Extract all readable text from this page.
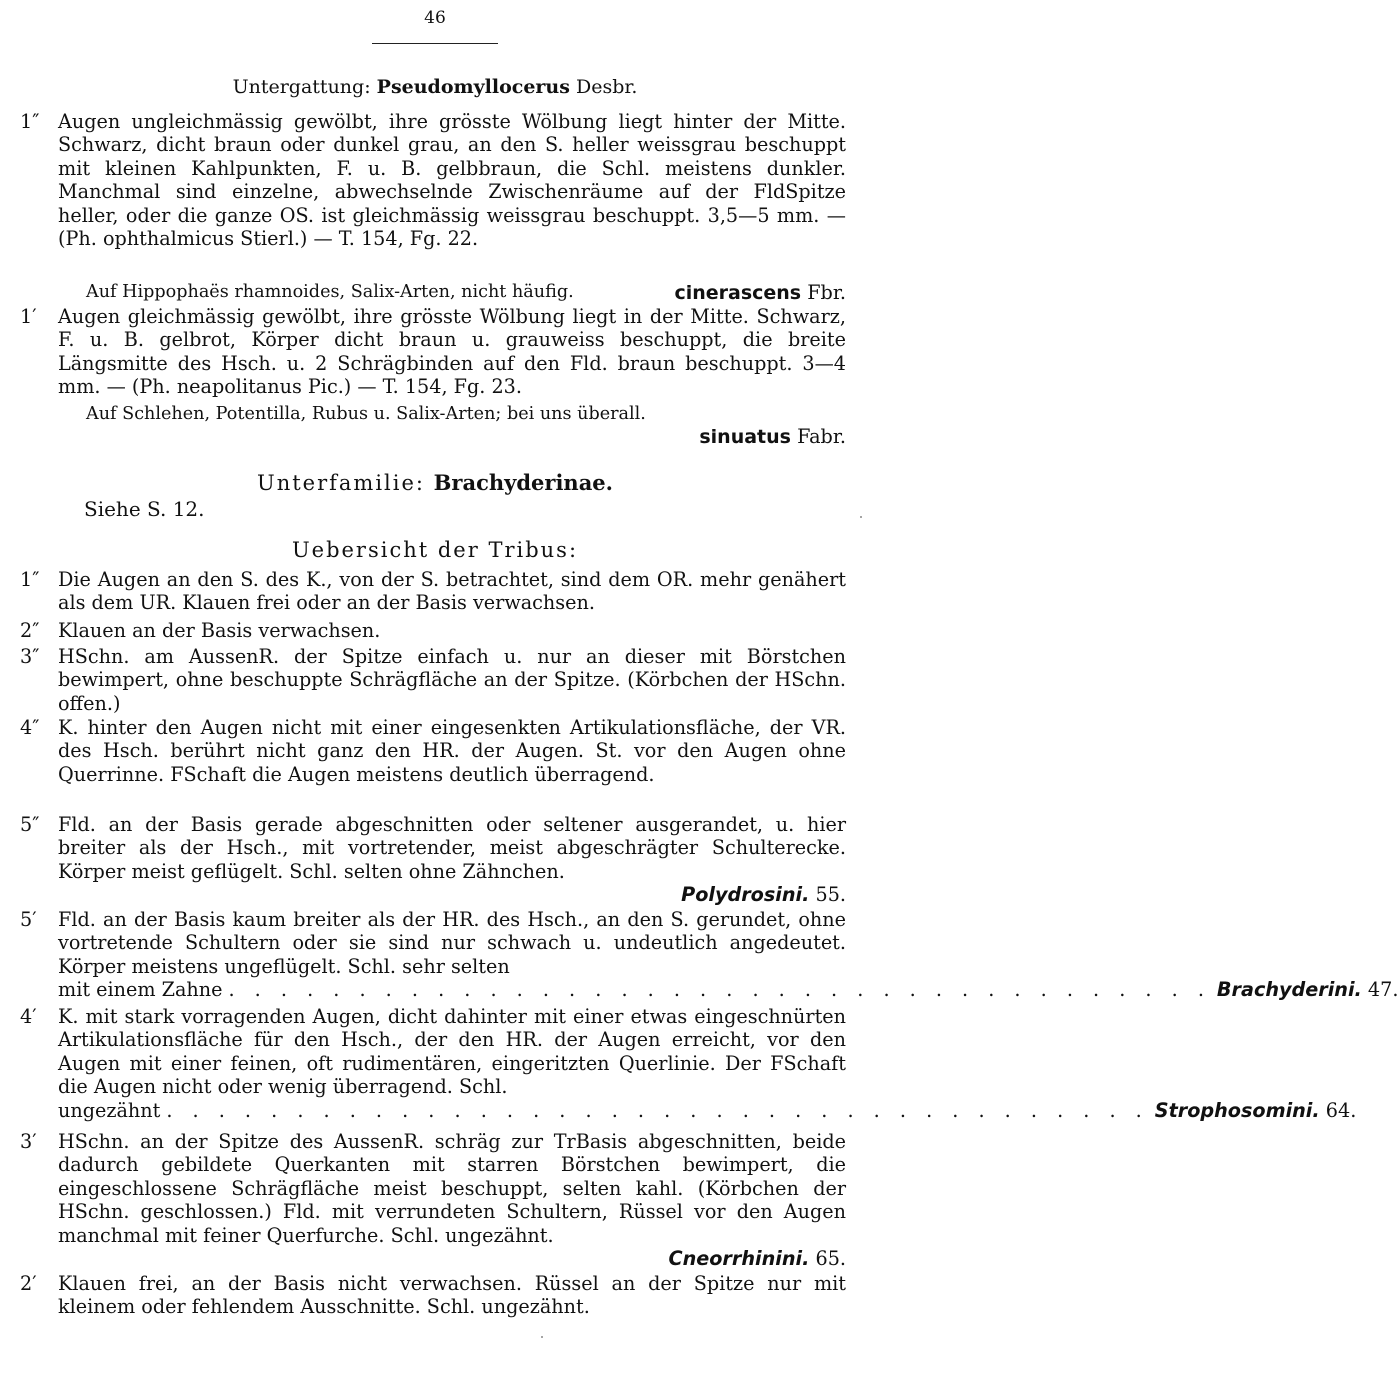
46
Untergattung: Pseudomyllocerus Desbr.
1″ Augen ungleichmässig gewölbt, ihre grösste Wölbung liegt hinter der Mitte. Schwarz, dicht braun oder dunkel grau, an den S. heller weissgrau beschuppt mit kleinen Kahlpunkten, F. u. B. gelbbraun, die Schl. meistens dunkler. Manchmal sind einzelne, abwechselnde Zwischenräume auf der FldSpitze heller, oder die ganze OS. ist gleichmässig weissgrau beschuppt. 3,5—5 mm. — (Ph. ophthalmicus Stierl.) — T. 154, Fg. 22.
Auf Hippophaës rhamnoides, Salix-Arten, nicht häufig.	cinerascens Fbr.
1′	Augen gleichmässig gewölbt, ihre grösste Wölbung liegt in der Mitte. Schwarz, F. u. B. gelbrot, Körper dicht braun u. grauweiss beschuppt, die breite Längsmitte des Hsch. u. 2 Schrägbinden auf den Fld. braun beschuppt. 3—4 mm. — (Ph. neapolitanus Pic.) — T. 154, Fg. 23.
Auf Schlehen, Potentilla, Rubus u. Salix-Arten; bei uns überall.
sinuatus Fabr.
Unterfamilie: Brachyderinae.
Siehe S. 12.
Uebersicht der Tribus:
1″ Die Augen an den S. des K., von der S. betrachtet, sind dem OR. mehr genähert als dem UR. Klauen frei oder an der Basis verwachsen.
2″ Klauen an der Basis verwachsen.
3″ HSchn. am AussenR. der Spitze einfach u. nur an dieser mit Börstchen bewimpert, ohne beschuppte Schrägfläche an der Spitze. (Körbchen der HSchn. offen.)
4″ K. hinter den Augen nicht mit einer eingesenkten Artikulationsfläche, der VR. des Hsch. berührt nicht ganz den HR. der Augen. St. vor den Augen ohne Querrinne. FSchaft die Augen meistens deutlich überragend.
5″ Fld. an der Basis gerade abgeschnitten oder seltener ausgerandet, u. hier breiter als der Hsch., mit vortretender, meist abgeschrägter Schulterecke. Körper meist geflügelt. Schl. selten ohne Zähnchen.
Polydrosini. 55.
5′	Fld. an der Basis kaum breiter als der HR. des Hsch., an den S. gerundet, ohne vortretende Schultern oder sie sind nur schwach u. undeutlich angedeutet. Körper meistens ungeflügelt. Schl. sehr selten
mit einem Zahne . . . . . . . . . . . . . . . . . . . . . . . . . . . . . . . . . . . . . . Brachyderini. 47.
4′	K. mit stark vorragenden Augen, dicht dahinter mit einer etwas eingeschnürten Artikulationsfläche für den Hsch., der den HR. der Augen erreicht, vor den Augen mit einer feinen, oft rudimentären, eingeritzten Querlinie. Der FSchaft die Augen nicht oder wenig überragend. Schl.
ungezähnt . . . . . . . . . . . . . . . . . . . . . . . . . . . . . . . . . . . . . . Strophosomini. 64.
3′	HSchn. an der Spitze des AussenR. schräg zur TrBasis abgeschnitten, beide dadurch gebildete Querkanten mit starren Börstchen bewimpert, die eingeschlossene Schrägfläche meist beschuppt, selten kahl. (Körbchen der HSchn. geschlossen.) Fld. mit verrundeten Schultern, Rüssel vor den Augen manchmal mit feiner Querfurche. Schl. ungezähnt.
Cneorrhinini. 65.
2′	Klauen frei, an der Basis nicht verwachsen. Rüssel an der Spitze nur mit kleinem oder fehlendem Ausschnitte. Schl. ungezähnt.
